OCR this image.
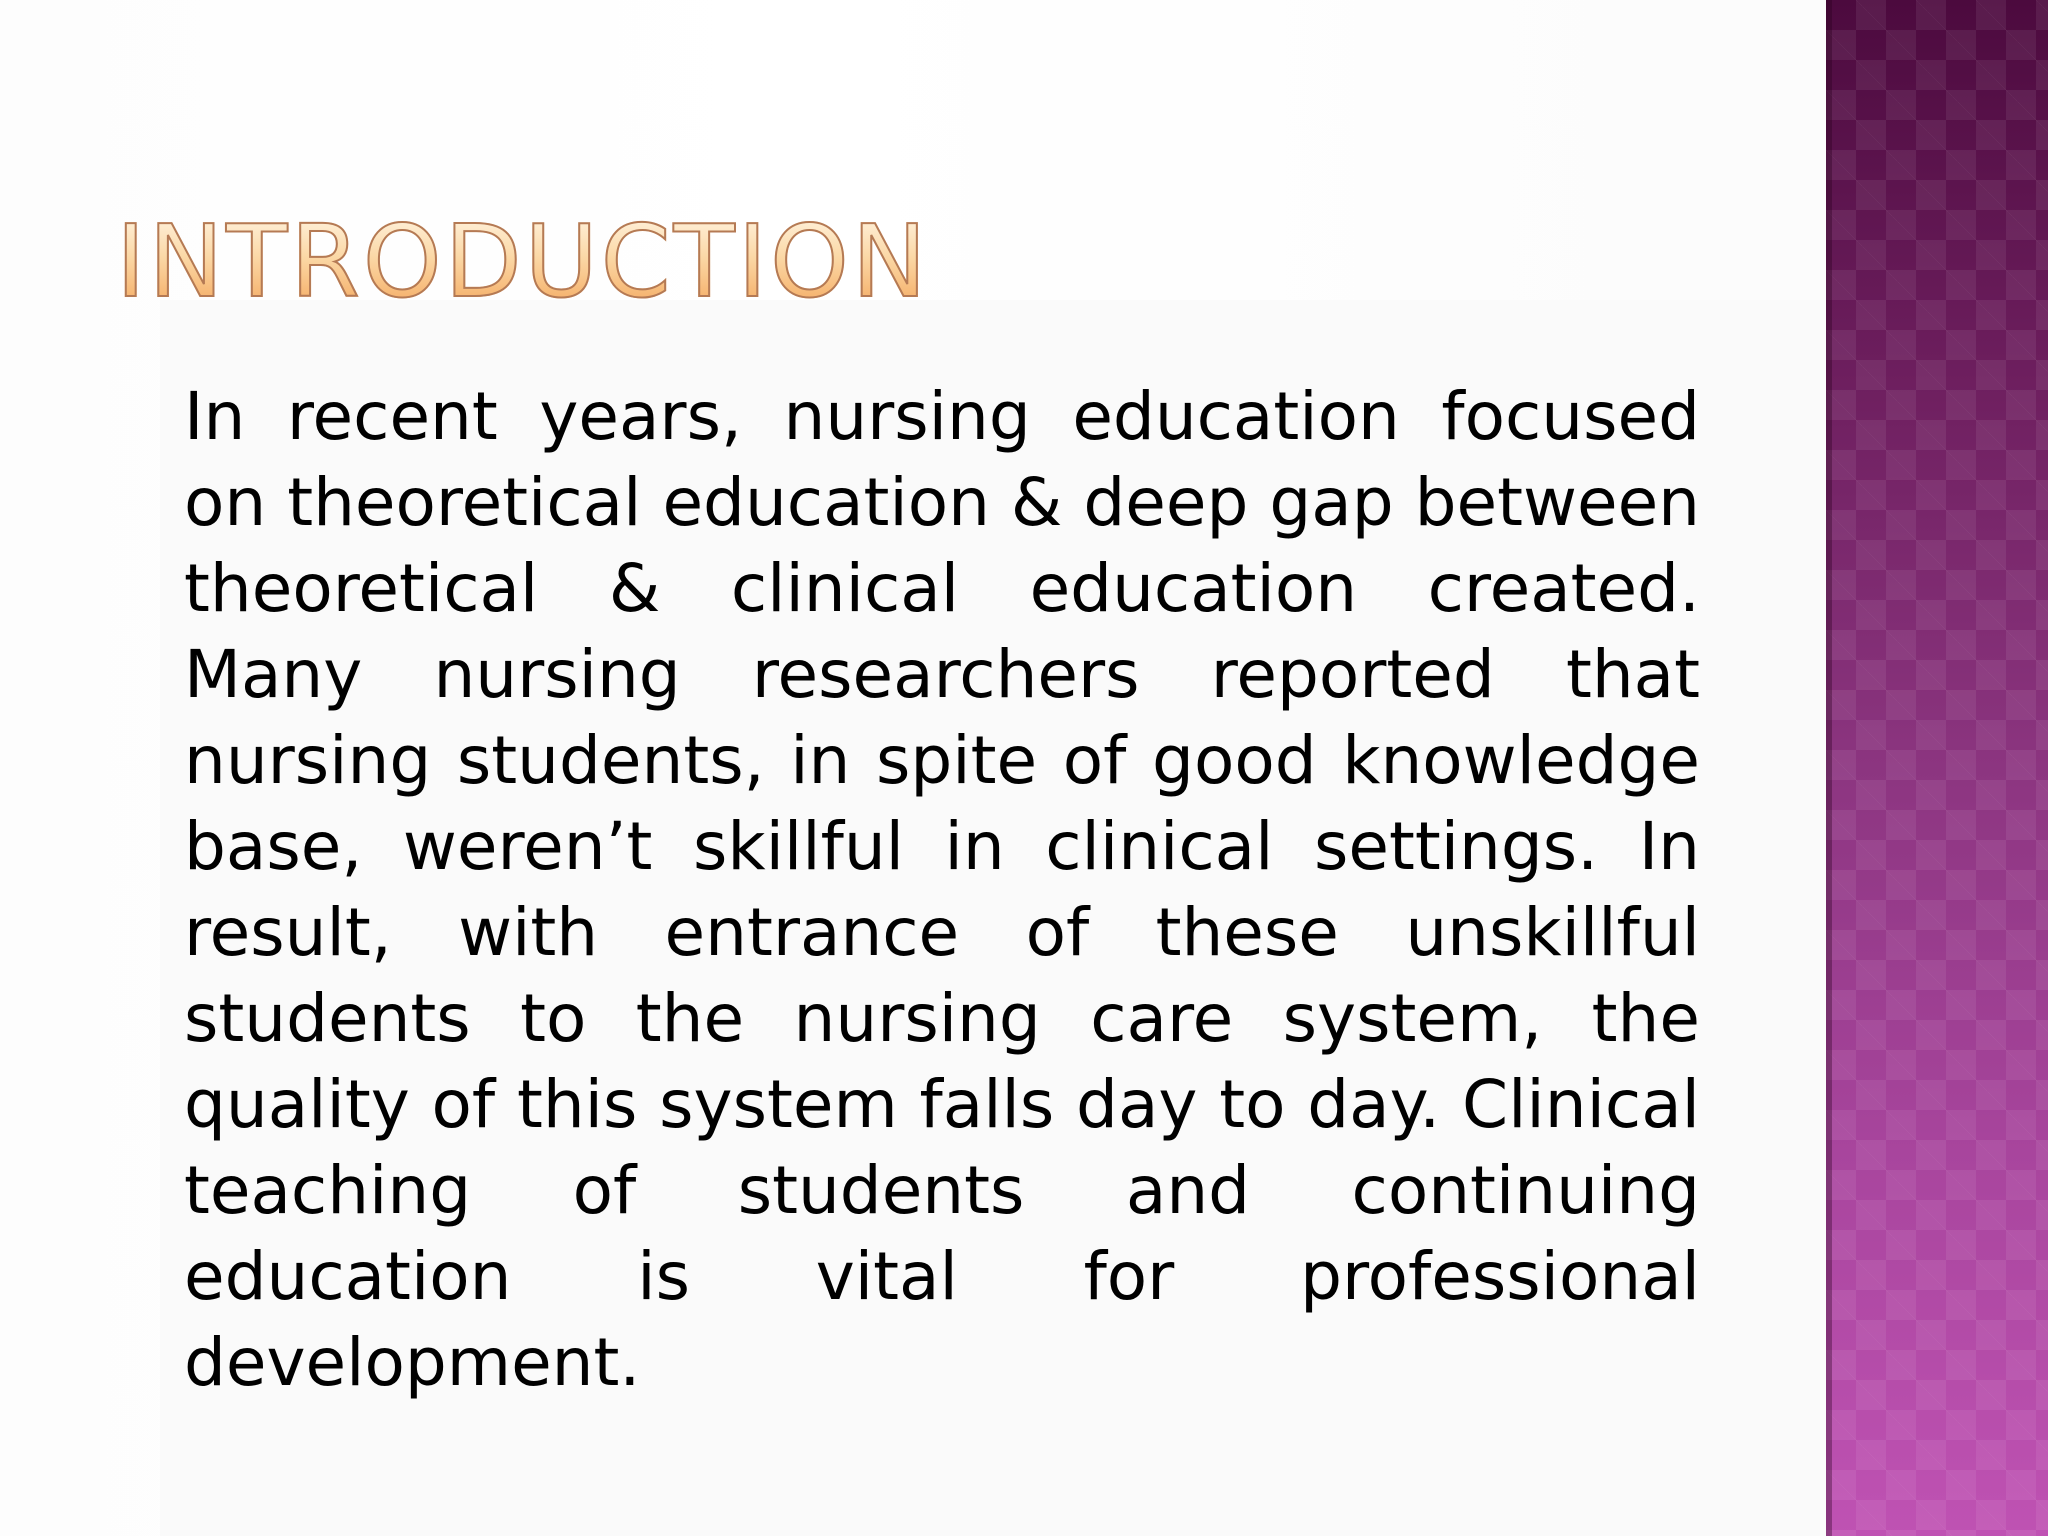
INTRODUCTION

In recent years, nursing education focused on theoretical education & deep gap between theoretical & clinical education created. Many nursing researchers reported that nursing students, in spite of good knowledge base, weren’t skillful in clinical settings. In result, with entrance of these unskillful students to the nursing care system, the quality of this system falls day to day. Clinical teaching of students and continuing education is vital for professional development.
